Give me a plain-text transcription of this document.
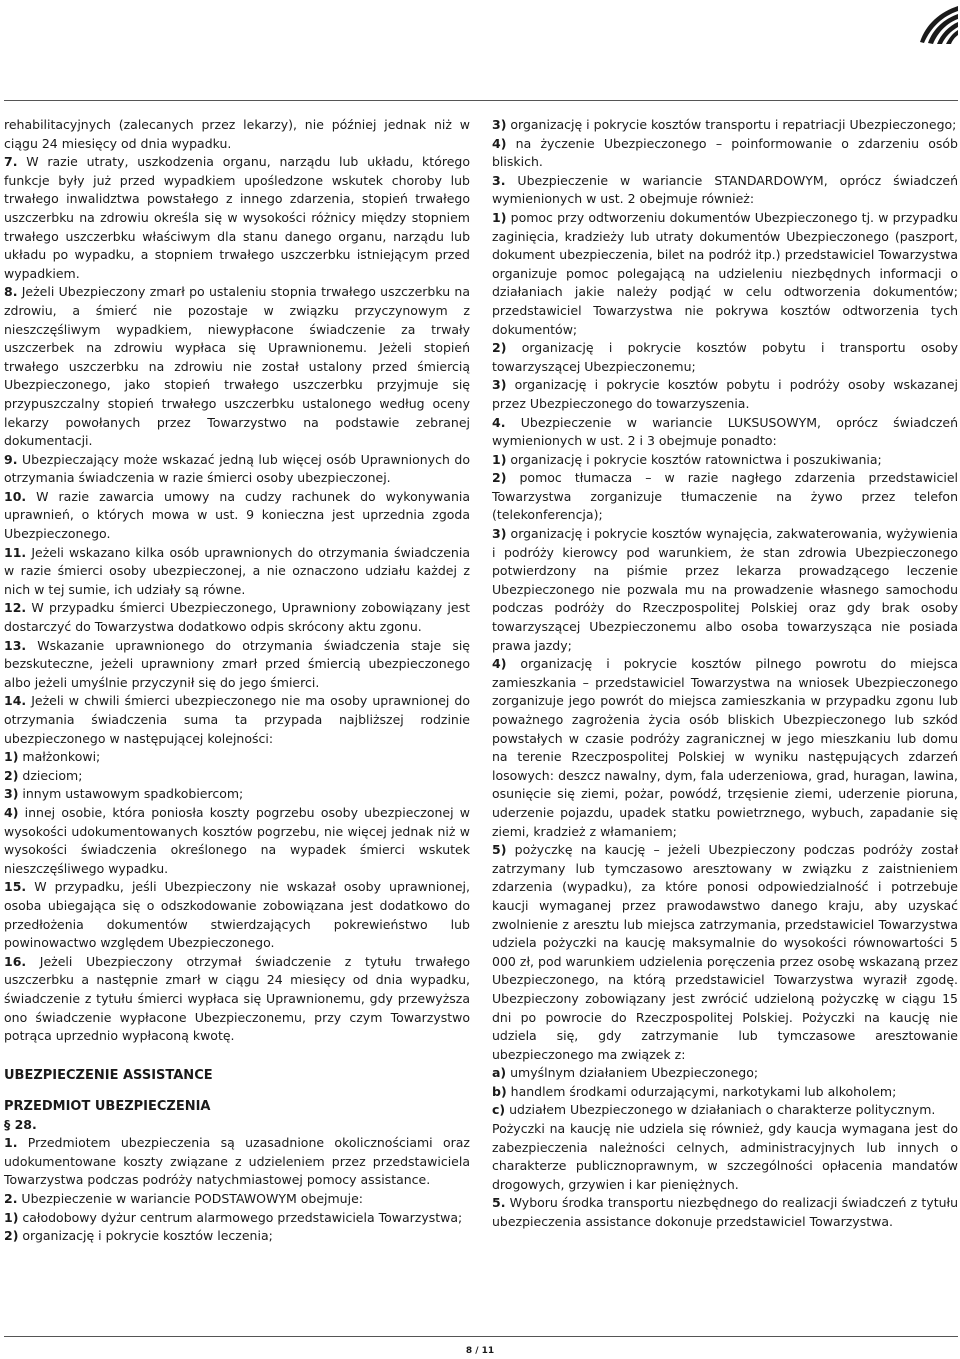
rehabilitacyjnych (zalecanych przez lekarzy), nie później jednak niż w ciągu 24 miesięcy od dnia wypadku.

7. W razie utraty, uszkodzenia organu, narządu lub układu, którego funkcje były już przed wypadkiem upośledzone wskutek choroby lub trwałego inwalidztwa powstałego z innego zdarzenia, stopień trwałego uszczerbku na zdrowiu określa się w wysokości różnicy między stopniem trwałego uszczerbku właściwym dla stanu danego organu, narządu lub układu po wypadku, a stopniem trwałego uszczerbku istniejącym przed wypadkiem.

8. Jeżeli Ubezpieczony zmarł po ustaleniu stopnia trwałego uszczerbku na zdrowiu, a śmierć nie pozostaje w związku przyczynowym z nieszczęśliwym wypadkiem, niewypłacone świadczenie za trwały uszczerbek na zdrowiu wypłaca się Uprawnionemu. Jeżeli stopień trwałego uszczerbku na zdrowiu nie został ustalony przed śmiercią Ubezpieczonego, jako stopień trwałego uszczerbku przyjmuje się przypuszczalny stopień trwałego uszczerbku ustalonego według oceny lekarzy powołanych przez Towarzystwo na podstawie zebranej dokumentacji.

9. Ubezpieczający może wskazać jedną lub więcej osób Uprawnionych do otrzymania świadczenia w razie śmierci osoby ubezpieczonej.

10. W razie zawarcia umowy na cudzy rachunek do wykonywania uprawnień, o których mowa w ust. 9 konieczna jest uprzednia zgoda Ubezpieczonego.

11. Jeżeli wskazano kilka osób uprawnionych do otrzymania świadczenia w razie śmierci osoby ubezpieczonej, a nie oznaczono udziału każdej z nich w tej sumie, ich udziały są równe.

12. W przypadku śmierci Ubezpieczonego, Uprawniony zobowiązany jest dostarczyć do Towarzystwa dodatkowo odpis skrócony aktu zgonu.

13. Wskazanie uprawnionego do otrzymania świadczenia staje się bezskuteczne, jeżeli uprawniony zmarł przed śmiercią ubezpieczonego albo jeżeli umyślnie przyczynił się do jego śmierci.

14. Jeżeli w chwili śmierci ubezpieczonego nie ma osoby uprawnionej do otrzymania świadczenia suma ta przypada najbliższej rodzinie ubezpieczonego w następującej kolejności:

1) małżonkowi;

2) dzieciom;

3) innym ustawowym spadkobiercom;

4) innej osobie, która poniosła koszty pogrzebu osoby ubezpieczonej w wysokości udokumentowanych kosztów pogrzebu, nie więcej jednak niż w wysokości świadczenia określonego na wypadek śmierci wskutek nieszczęśliwego wypadku.

15. W przypadku, jeśli Ubezpieczony nie wskazał osoby uprawnionej, osoba ubiegająca się o odszkodowanie zobowiązana jest dodatkowo do przedłożenia dokumentów stwierdzających pokrewieństwo lub powinowactwo względem Ubezpieczonego.

16. Jeżeli Ubezpieczony otrzymał świadczenie z tytułu trwałego uszczerbku a następnie zmarł w ciągu 24 miesięcy od dnia wypadku, świadczenie z tytułu śmierci wypłaca się Uprawnionemu, gdy przewyższa ono świadczenie wypłacone Ubezpieczonemu, przy czym Towarzystwo potrąca uprzednio wypłaconą kwotę.

UBEZPIECZENIE ASSISTANCE
PRZEDMIOT UBEZPIECZENIA

§ 28.

1. Przedmiotem ubezpieczenia są uzasadnione okolicznościami oraz udokumentowane koszty związane z udzieleniem przez przedstawiciela Towarzystwa podczas podróży natychmiastowej pomocy assistance.

2. Ubezpieczenie w wariancie PODSTAWOWYM obejmuje:

1) całodobowy dyżur centrum alarmowego przedstawiciela Towarzystwa;

2) organizację i pokrycie kosztów leczenia;

3) organizację i pokrycie kosztów transportu i repatriacji Ubezpieczonego;

4) na życzenie Ubezpieczonego – poinformowanie o zdarzeniu osób bliskich.

3. Ubezpieczenie w wariancie STANDARDOWYM, oprócz świadczeń wymienionych w ust. 2 obejmuje również:

1) pomoc przy odtworzeniu dokumentów Ubezpieczonego tj. w przypadku zaginięcia, kradzieży lub utraty dokumentów Ubezpieczonego (paszport, dokument ubezpieczenia, bilet na podróż itp.) przedstawiciel Towarzystwa organizuje pomoc polegającą na udzieleniu niezbędnych informacji o działaniach jakie należy podjąć w celu odtworzenia dokumentów; przedstawiciel Towarzystwa nie pokrywa kosztów odtworzenia tych dokumentów;

2) organizację i pokrycie kosztów pobytu i transportu osoby towarzyszącej Ubezpieczonemu;

3) organizację i pokrycie kosztów pobytu i podróży osoby wskazanej przez Ubezpieczonego do towarzyszenia.

4. Ubezpieczenie w wariancie LUKSUSOWYM, oprócz świadczeń wymienionych w ust. 2 i 3 obejmuje ponadto:

1) organizację i pokrycie kosztów ratownictwa i poszukiwania;

2) pomoc tłumacza – w razie nagłego zdarzenia przedstawiciel Towarzystwa zorganizuje tłumaczenie na żywo przez telefon (telekonferencja);

3) organizację i pokrycie kosztów wynajęcia, zakwaterowania, wyżywienia i podróży kierowcy pod warunkiem, że stan zdrowia Ubezpieczonego potwierdzony na piśmie przez lekarza prowadzącego leczenie Ubezpieczonego nie pozwala mu na prowadzenie własnego samochodu podczas podróży do Rzeczpospolitej Polskiej oraz gdy brak osoby towarzyszącej Ubezpieczonemu albo osoba towarzysząca nie posiada prawa jazdy;

4) organizację i pokrycie kosztów pilnego powrotu do miejsca zamieszkania – przedstawiciel Towarzystwa na wniosek Ubezpieczonego zorganizuje jego powrót do miejsca zamieszkania w przypadku zgonu lub poważnego zagrożenia życia osób bliskich Ubezpieczonego lub szkód powstałych w czasie podróży zagranicznej w jego mieszkaniu lub domu na terenie Rzeczpospolitej Polskiej w wyniku następujących zdarzeń losowych: deszcz nawalny, dym, fala uderzeniowa, grad, huragan, lawina, osunięcie się ziemi, pożar, powódź, trzęsienie ziemi, uderzenie pioruna, uderzenie pojazdu, upadek statku powietrznego, wybuch, zapadanie się ziemi, kradzież z włamaniem;

5) pożyczkę na kaucję – jeżeli Ubezpieczony podczas podróży został zatrzymany lub tymczasowo aresztowany w związku z zaistnieniem zdarzenia (wypadku), za które ponosi odpowiedzialność i potrzebuje kaucji wymaganej przez prawodawstwo danego kraju, aby uzyskać zwolnienie z aresztu lub miejsca zatrzymania, przedstawiciel Towarzystwa udziela pożyczki na kaucję maksymalnie do wysokości równowartości 5 000 zł, pod warunkiem udzielenia poręczenia przez osobę wskazaną przez Ubezpieczonego, na którą przedstawiciel Towarzystwa wyraził zgodę. Ubezpieczony zobowiązany jest zwrócić udzieloną pożyczkę w ciągu 15 dni po powrocie do Rzeczpospolitej Polskiej. Pożyczki na kaucję nie udziela się, gdy zatrzymanie lub tymczasowe aresztowanie ubezpieczonego ma związek z:

a) umyślnym działaniem Ubezpieczonego;

b) handlem środkami odurzającymi, narkotykami lub alkoholem;

c) udziałem Ubezpieczonego w działaniach o charakterze politycznym.

Pożyczki na kaucję nie udziela się również, gdy kaucja wymagana jest do zabezpieczenia należności celnych, administracyjnych lub innych o charakterze publicznoprawnym, w szczególności opłacenia mandatów drogowych, grzywien i kar pieniężnych.

5. Wyboru środka transportu niezbędnego do realizacji świadczeń z tytułu ubezpieczenia assistance dokonuje przedstawiciel Towarzystwa.

8 / 11
